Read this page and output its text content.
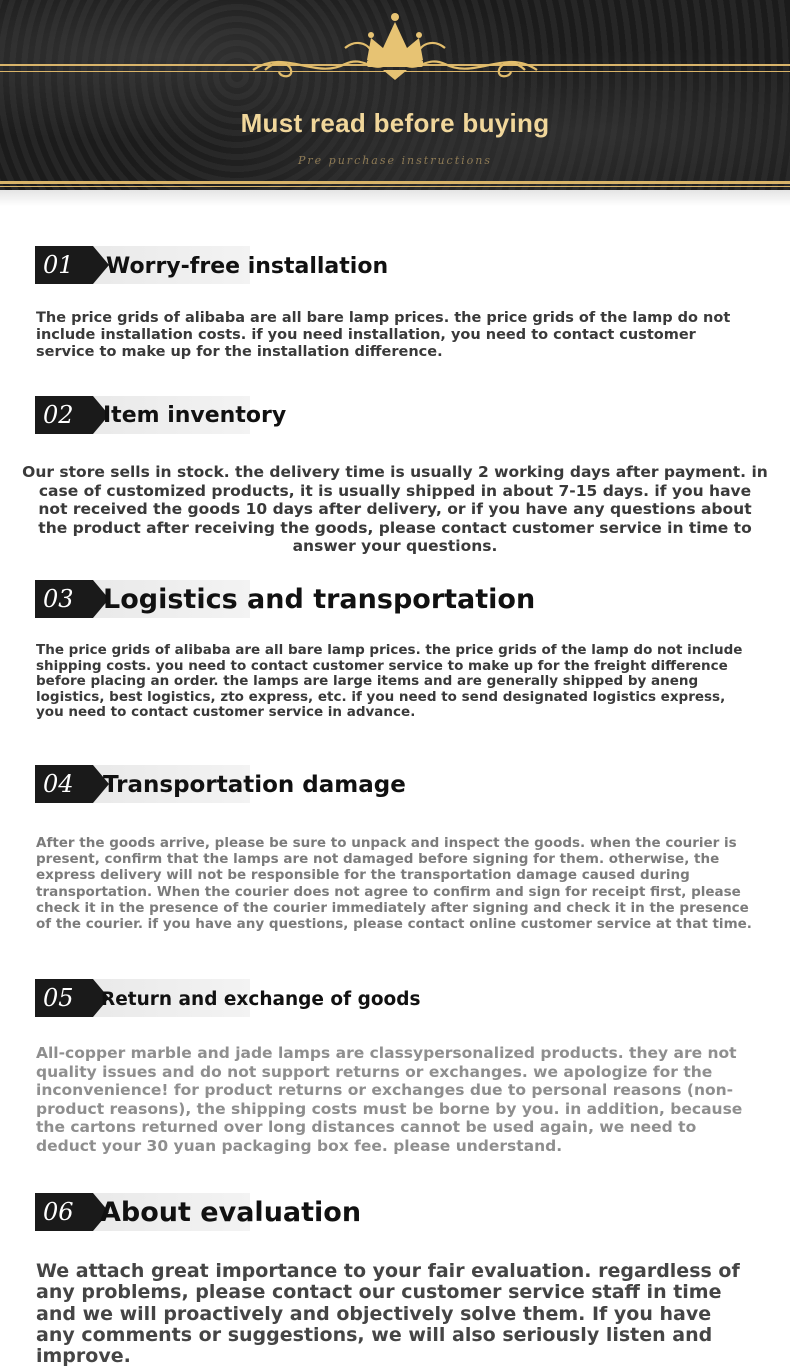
Must read before buying
Pre purchase instructions
01	Worry-free installation
The price grids of alibaba are all bare lamp prices. the price grids of the lamp do not include installation costs. if you need installation, you need to contact customer service to make up for the installation difference.
02	Item inventory
Our store sells in stock. the delivery time is usually 2 working days after payment. in case of customized products, it is usually shipped in about 7-15 days. if you have not received the goods 10 days after delivery, or if you have any questions about the product after receiving the goods, please contact customer service in time to answer your questions.
03	Logistics and transportation
The price grids of alibaba are all bare lamp prices. the price grids of the lamp do not include shipping costs. you need to contact customer service to make up for the freight difference before placing an order. the lamps are large items and are generally shipped by aneng logistics, best logistics, zto express, etc. if you need to send designated logistics express, you need to contact customer service in advance.
04	Transportation damage
After the goods arrive, please be sure to unpack and inspect the goods. when the courier is present, confirm that the lamps are not damaged before signing for them. otherwise, the express delivery will not be responsible for the transportation damage caused during transportation. When the courier does not agree to confirm and sign for receipt first, please check it in the presence of the courier immediately after signing and check it in the presence of the courier. if you have any questions, please contact online customer service at that time.
05	Return and exchange of goods
All-copper marble and jade lamps are classypersonalized products. they are not quality issues and do not support returns or exchanges. we apologize for the inconvenience! for product returns or exchanges due to personal reasons (non-product reasons), the shipping costs must be borne by you. in addition, because the cartons returned over long distances cannot be used again, we need to deduct your 30 yuan packaging box fee. please understand.
06 About evaluation
We attach great importance to your fair evaluation. regardless of any problems, please contact our customer service staff in time and we will proactively and objectively solve them. If you have any comments or suggestions, we will also seriously listen and improve.
